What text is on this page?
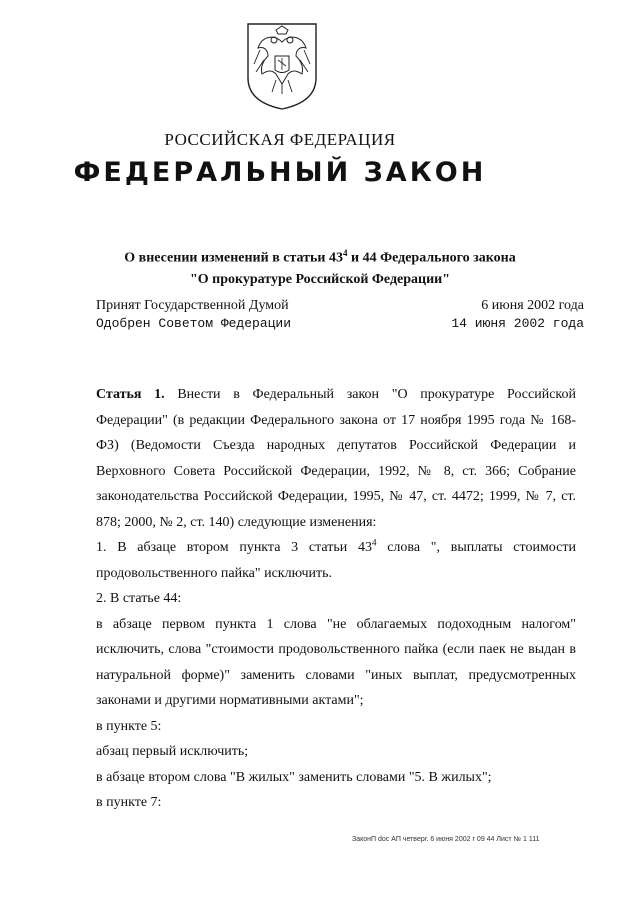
РОССИЙСКАЯ ФЕДЕРАЦИЯ
ФЕДЕРАЛЬНЫЙ ЗАКОН
О внесении изменений в статьи $43^4$ и 44 Федерального закона
"О прокуратуре Российской Федерации"
Принят Государственной Думой	6 июня 2002 года
Одобрен Советом Федерации	14 июня 2002 года

Статья 1. Внести в Федеральный закон "О прокуратуре Российской Федерации" (в редакции Федерального закона от 17 ноября 1995 года № 168-ФЗ) (Ведомости Съезда народных депутатов Российской Федерации и Верховного Совета Российской Федерации, 1992, № 8, ст. 366; Собрание законодательства Российской Федерации, 1995, № 47, ст. 4472; 1999, № 7, ст. 878; 2000, № 2, ст. 140) следующие изменения:

1. В абзаце втором пункта 3 статьи $43^4$ слова ", выплаты стоимости продовольственного пайка" исключить.

2. В статье 44:

в абзаце первом пункта 1 слова "не облагаемых подоходным налогом" исключить, слова "стоимости продовольственного пайка (если паек не выдан в натуральной форме)" заменить словами "иных выплат, предусмотренных законами и другими нормативными актами";

в пункте 5:

абзац первый исключить;

в абзаце втором слова "В жилых" заменить словами "5. В жилых";

в пункте 7:

ЗаконП doc АП четверг. 6 июня 2002 г 09 44 Лист № 1 111
